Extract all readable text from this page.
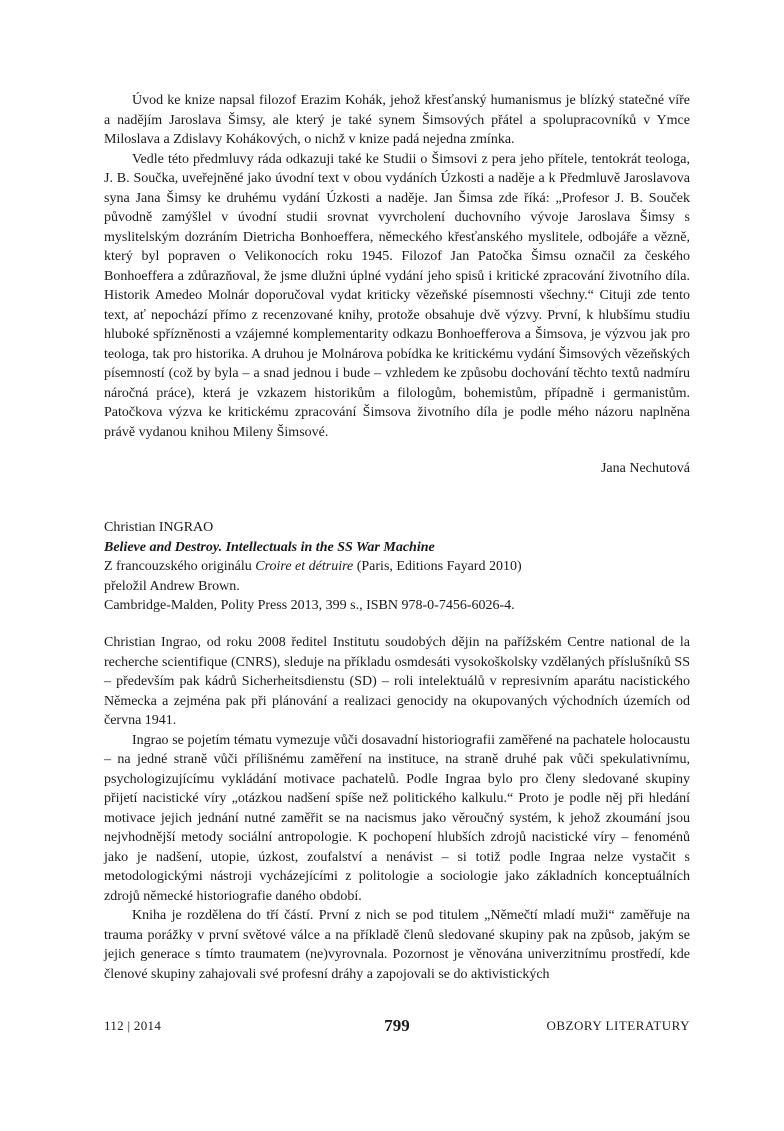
Úvod ke knize napsal filozof Erazim Kohák, jehož křesťanský humanismus je blízký statečné víře a nadějím Jaroslava Šimsy, ale který je také synem Šimsových přátel a spolupracovníků v Ymce Miloslava a Zdislavy Kohákových, o nichž v knize padá nejedna zmínka.

Vedle této předmluvy ráda odkazuji také ke Studii o Šimsovi z pera jeho přítele, tentokrát teologa, J. B. Součka, uveřejněné jako úvodní text v obou vydáních Úzkosti a naděje a k Předmluvě Jaroslavova syna Jana Šimsy ke druhému vydání Úzkosti a naděje. Jan Šimsa zde říká: „Profesor J. B. Souček původně zamýšlel v úvodní studii srovnat vyvrcholení duchovního vývoje Jaroslava Šimsy s myslitelským dozráním Dietricha Bonhoeffera, německého křesťanského myslitele, odbojáře a vězně, který byl popraven o Velikonocích roku 1945. Filozof Jan Patočka Šimsu označil za českého Bonhoeffera a zdůrazňoval, že jsme dlužni úplné vydání jeho spisů i kritické zpracování životního díla. Historik Amedeo Molnár doporučoval vydat kriticky vězeňské písemnosti všechny.“ Cituji zde tento text, ať nepochází přímo z recenzované knihy, protože obsahuje dvě výzvy. První, k hlubšímu studiu hluboké spřízněnosti a vzájemné komplementarity odkazu Bonhoefferova a Šimsova, je výzvou jak pro teologa, tak pro historika. A druhou je Molnárova pobídka ke kritickému vydání Šimsových vězeňských písemností (což by byla – a snad jednou i bude – vzhledem ke způsobu dochování těchto textů nadmíru náročná práce), která je vzkazem historikům a filologům, bohemistům, případně i germanistům. Patočkova výzva ke kritickému zpracování Šimsova životního díla je podle mého názoru naplněna právě vydanou knihou Mileny Šimsové.

Jana Nechutová
Christian INGRAO
Believe and Destroy. Intellectuals in the SS War Machine
Z francouzského originálu Croire et détruire (Paris, Editions Fayard 2010)
přeložil Andrew Brown.
Cambridge-Malden, Polity Press 2013, 399 s., ISBN 978-0-7456-6026-4.

Christian Ingrao, od roku 2008 ředitel Institutu soudobých dějin na pařížském Centre national de la recherche scientifique (CNRS), sleduje na příkladu osmdesáti vysokoškolsky vzdělaných příslušníků SS – především pak kádrů Sicherheitsdienstu (SD) – roli intelektuálů v represivním aparátu nacistického Německa a zejména pak při plánování a realizaci genocidy na okupovaných východních územích od června 1941.

Ingrao se pojetím tématu vymezuje vůči dosavadní historiografii zaměřené na pachatele holocaustu – na jedné straně vůči přílišnému zaměření na instituce, na straně druhé pak vůči spekulativnímu, psychologizujícímu vykládání motivace pachatelů. Podle Ingraa bylo pro členy sledované skupiny přijetí nacistické víry „otázkou nadšení spíše než politického kalkulu.“ Proto je podle něj při hledání motivace jejich jednání nutné zaměřit se na nacismus jako věroučný systém, k jehož zkoumání jsou nejvhodnější metody sociální antropologie. K pochopení hlubších zdrojů nacistické víry – fenoménů jako je nadšení, utopie, úzkost, zoufalství a nenávist – si totiž podle Ingraa nelze vystačit s metodologickými nástroji vycházejícími z politologie a sociologie jako základních konceptuálních zdrojů německé historiografie daného období.

Kniha je rozdělena do tří částí. První z nich se pod titulem „Němečtí mladí muži“ zaměřuje na trauma porážky v první světové válce a na příkladě členů sledované skupiny pak na způsob, jakým se jejich generace s tímto traumatem (ne)vyrovnala. Pozornost je věnována univerzitnímu prostředí, kde členové skupiny zahajovali své profesní dráhy a zapojovali se do aktivistických

112 | 2014	799	OBZORY LITERATURY
